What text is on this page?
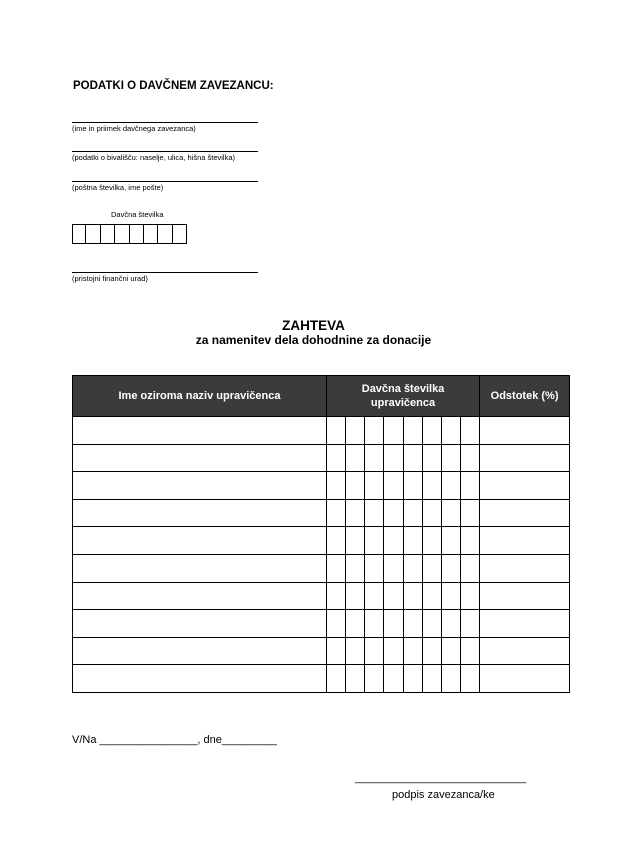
PODATKI O DAVČNEM ZAVEZANCU:
(ime in priimek davčnega zavezanca)
(podatki o bivališču: naselje, ulica, hišna številka)
(poštna številka, ime pošte)
Davčna številka
(pristojni finančni urad)
ZAHTEVA
za namenitev dela dohodnine za donacije
Ime oziroma naziv upravičenca	Davčna številka upravičenca								Odstotek (%)

V/Na ________________, dne_________
____________________________
podpis zavezanca/ke
